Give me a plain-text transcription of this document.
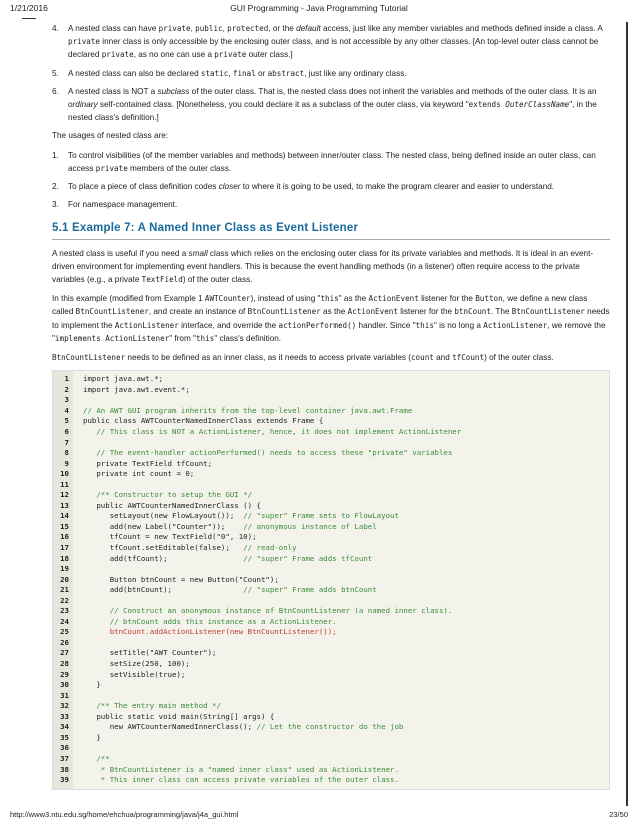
1/21/2016	GUI Programming - Java Programming Tutorial
4. A nested class can have private, public, protected, or the default access, just like any member variables and methods defined inside a class. A private inner class is only accessible by the enclosing outer class, and is not accessible by any other classes. [An top-level outer class cannot be declared private, as no one can use a private outer class.]
5. A nested class can also be declared static, final or abstract, just like any ordinary class.
6. A nested class is NOT a subclass of the outer class. That is, the nested class does not inherit the variables and methods of the outer class. It is an ordinary self-contained class. [Nonetheless, you could declare it as a subclass of the outer class, via keyword "extends OuterClassName", in the nested class's definition.]

The usages of nested class are:

1. To control visibilities (of the member variables and methods) between inner/outer class. The nested class, being defined inside an outer class, can access private members of the outer class.
2. To place a piece of class definition codes closer to where it is going to be used, to make the program clearer and easier to understand.
3. For namespace management.
5.1 Example 7: A Named Inner Class as Event Listener

A nested class is useful if you need a small class which relies on the enclosing outer class for its private variables and methods. It is ideal in an event-driven environment for implementing event handlers. This is because the event handling methods (in a listener) often require access to the private variables (e.g., a private TextField) of the outer class.

In this example (modified from Example 1 AWTCounter), instead of using "this" as the ActionEvent listener for the Button, we define a new class called BtnCountListener, and create an instance of BtnCountListener as the ActionEvent listener for the btnCount. The BtnCountListener needs to implement the ActionListener interface, and override the actionPerformed() handler. Since "this" is no long a ActionListener, we remove the "implements ActionListener" from "this" class's definition.

BtnCountListener needs to be defined as an inner class, as it needs to access private variables (count and tfCount) of the outer class.

1
2
3
4
5
6
7
8
9
10
11
12
13
14
15
16
17
18
19
20
21
22
23
24
25
26
27
28
29
30
31
32
33
34
35
36
37
38
39
import java.awt.*;
import java.awt.event.*;
// An AWT GUI program inherits from the top-level container java.awt.Frame
public class AWTCounterNamedInnerClass extends Frame {
// This class is NOT a ActionListener, hence, it does not implement ActionListener
// The event-handler actionPerformed() needs to access these "private" variables
private TextField tfCount;
private int count = 0;
/** Constructor to setup the GUI */
public AWTCounterNamedInnerClass () {
setLayout(new FlowLayout());  // "super" Frame sets to FlowLayout
add(new Label("Counter"));    // anonymous instance of Label
tfCount = new TextField("0", 10);
tfCount.setEditable(false);   // read-only
add(tfCount);                 // "super" Frame adds tfCount
Button btnCount = new Button("Count");
add(btnCount);                // "super" Frame adds btnCount
// Construct an anonymous instance of BtnCountListener (a named inner class).
// btnCount adds this instance as a ActionListener.
btnCount.addActionListener(new BtnCountListener());
setTitle("AWT Counter");
setSize(250, 100);
setVisible(true);
}
/** The entry main method */
public static void main(String[] args) {
new AWTCounterNamedInnerClass(); // Let the constructor do the job
}
/**
* BtnCountListener is a "named inner class" used as ActionListener.
* This inner class can access private variables of the outer class.
http://www3.ntu.edu.sg/home/ehchua/programming/java/j4a_gui.html	23/50
